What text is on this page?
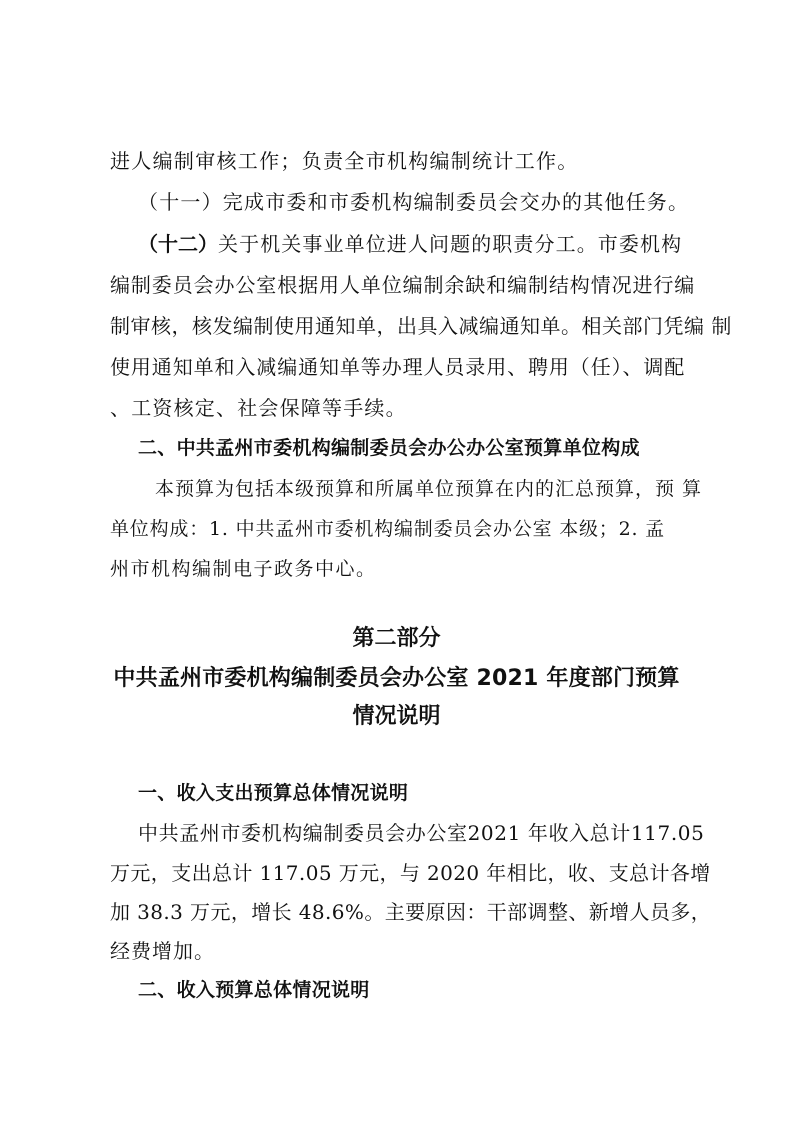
进人编制审核工作；负责全市机构编制统计工作。
（十一）完成市委和市委机构编制委员会交办的其他任务。
（十二）关于机关事业单位进人问题的职责分工。市委机构
编制委员会办公室根据用人单位编制余缺和编制结构情况进行编
制审核，核发编制使用通知单，出具入减编通知单。相关部门凭编 制
使用通知单和入减编通知单等办理人员录用、聘用（任）、调配
、工资核定、社会保障等手续。
二、中共孟州市委机构编制委员会办公办公室预算单位构成
本预算为包括本级预算和所属单位预算在内的汇总预算，预 算
单位构成：1. 中共孟州市委机构编制委员会办公室 本级；2. 孟
州市机构编制电子政务中心。
第二部分
中共孟州市委机构编制委员会办公室 2021 年度部门预算
情况说明
一、收入支出预算总体情况说明
中共孟州市委机构编制委员会办公室2021 年收入总计117.05
万元，支出总计 117.05 万元，与 2020 年相比，收、支总计各增
加 38.3 万元，增长 48.6%。主要原因：干部调整、新增人员多，
经费增加。
二、收入预算总体情况说明
